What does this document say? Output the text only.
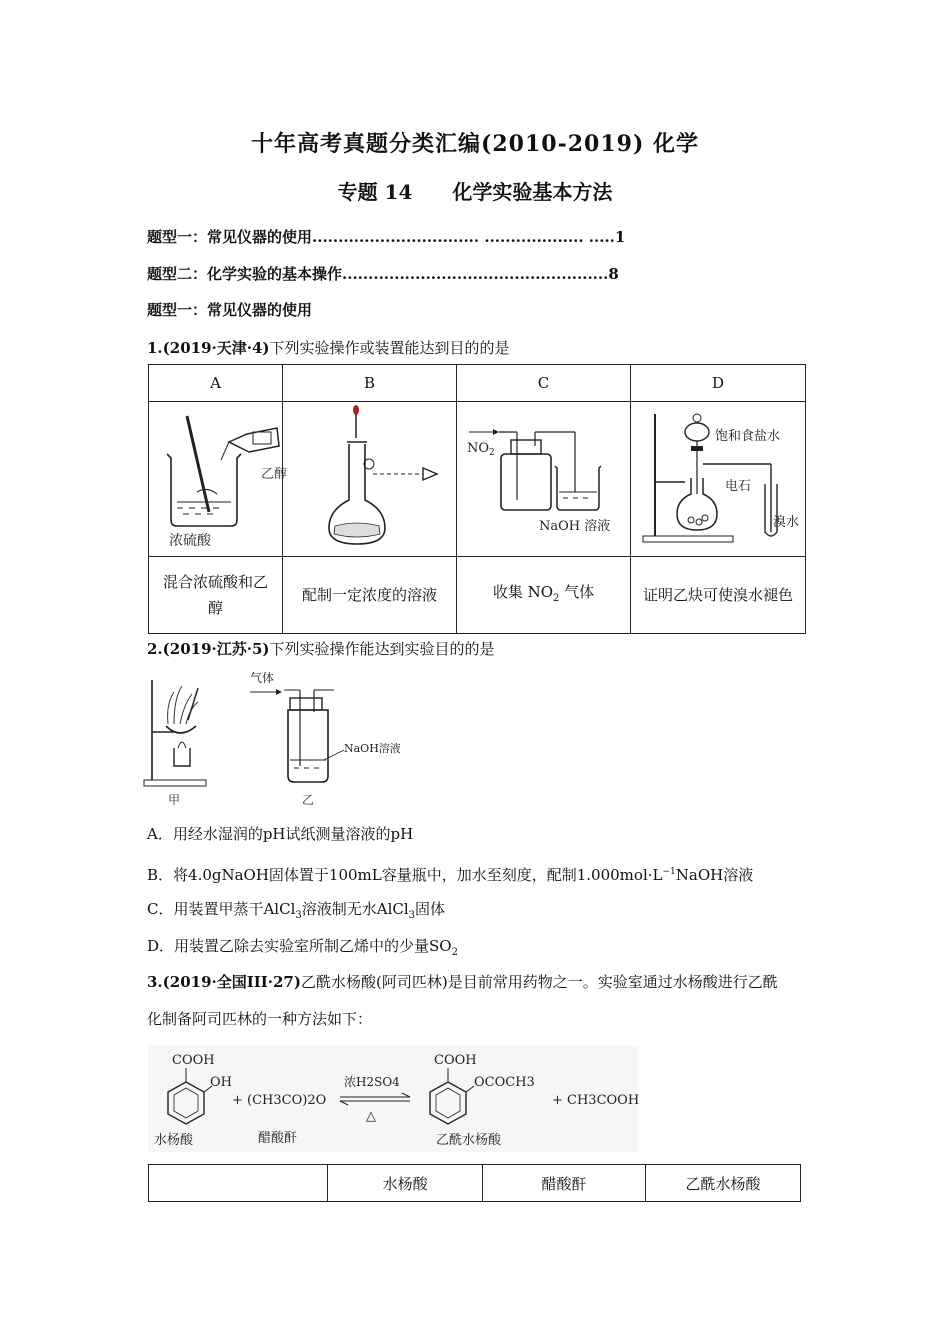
十年高考真题分类汇编(2010-2019) 化学
专题 14 化学实验基本方法
题型一：常见仪器的使用................................ ................... .....1
题型二：化学实验的基本操作...................................................8
题型一：常见仪器的使用
1.(2019·天津·4)下列实验操作或装置能达到目的的是
A	B	C	D

乙醇
浓硫酸		$NO_2$
NaOH 溶液	饱和食盐水
电石
溴水

混合浓硫酸和乙
醇	配制一定浓度的溶液	收集 $NO_2$ 气体	证明乙炔可使溴水褪色
2.(2019·江苏·5)下列实验操作能达到实验目的的是
甲
气体
NaOH溶液
乙
A．用经水湿润的pH试纸测量溶液的pH
B．将4.0gNaOH固体置于100mL容量瓶中，加水至刻度，配制$1.000mol\cdot L^{-1}NaOH$溶液
C．用装置甲蒸干AlCl$_3$溶液制无水AlCl$_3$固体
D．用装置乙除去实验室所制乙烯中的少量$SO_2$
3.(2019·全国III·27)乙酰水杨酸(阿司匹林)是目前常用药物之一。实验室通过水杨酸进行乙酰
化制备阿司匹林的一种方法如下：
COOH
OH
+ (CH3CO)2O
浓H2SO4
△
COOH
OCOCH3
+ CH3COOH
水杨酸	醋酸酐	乙酰水杨酸
	水杨酸	醋酸酐	乙酰水杨酸
